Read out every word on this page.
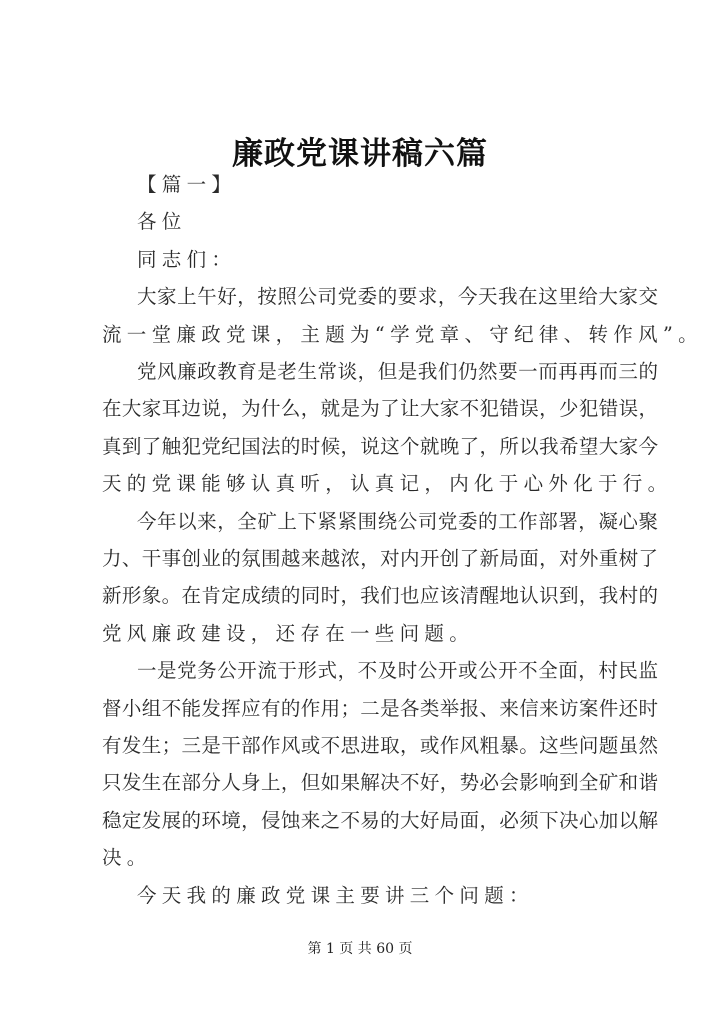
廉政党课讲稿六篇
【篇一】
各位
同志们：
大家上午好，按照公司党委的要求，今天我在这里给大家交
流一堂廉政党课，主题为“学党章、守纪律、转作风”。
党风廉政教育是老生常谈，但是我们仍然要一而再再而三的
在大家耳边说，为什么，就是为了让大家不犯错误，少犯错误，
真到了触犯党纪国法的时候，说这个就晚了，所以我希望大家今
天的党课能够认真听，认真记，内化于心外化于行。
今年以来，全矿上下紧紧围绕公司党委的工作部署，凝心聚
力、干事创业的氛围越来越浓，对内开创了新局面，对外重树了
新形象。在肯定成绩的同时，我们也应该清醒地认识到，我村的
党风廉政建设，还存在一些问题。
一是党务公开流于形式，不及时公开或公开不全面，村民监
督小组不能发挥应有的作用；二是各类举报、来信来访案件还时
有发生；三是干部作风或不思进取，或作风粗暴。这些问题虽然
只发生在部分人身上，但如果解决不好，势必会影响到全矿和谐
稳定发展的环境，侵蚀来之不易的大好局面，必须下决心加以解
决。
今天我的廉政党课主要讲三个问题：
第 1 页 共 60 页
